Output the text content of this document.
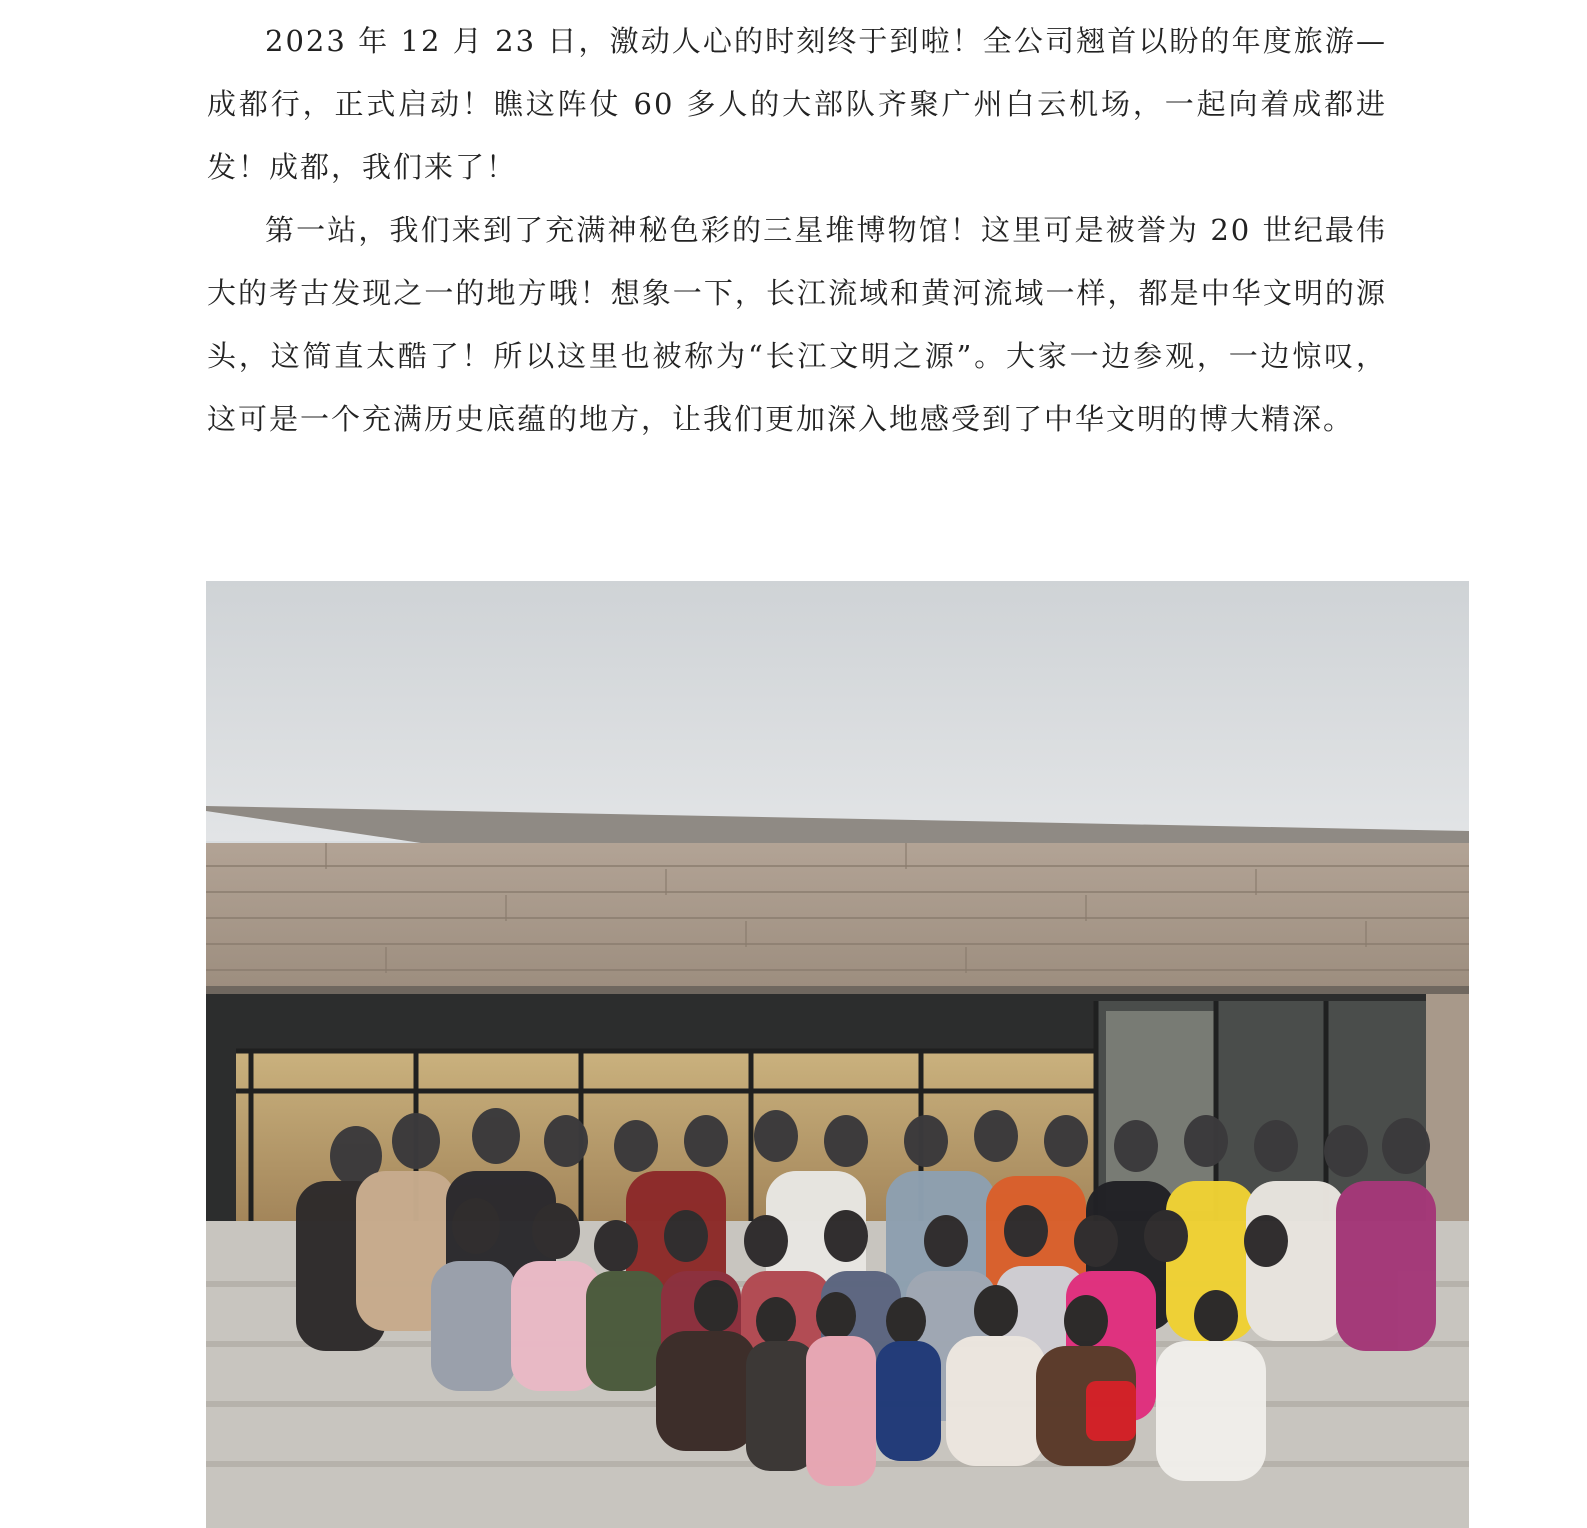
2023 年 12 月 23 日，激动人心的时刻终于到啦！全公司翘首以盼的年度旅游—成都行，正式启动！瞧这阵仗 60 多人的大部队齐聚广州白云机场，一起向着成都进发！成都，我们来了！

第一站，我们来到了充满神秘色彩的三星堆博物馆！这里可是被誉为 20 世纪最伟大的考古发现之一的地方哦！想象一下，长江流域和黄河流域一样，都是中华文明的源头，这简直太酷了！所以这里也被称为“长江文明之源”。大家一边参观，一边惊叹，这可是一个充满历史底蕴的地方，让我们更加深入地感受到了中华文明的博大精深。
